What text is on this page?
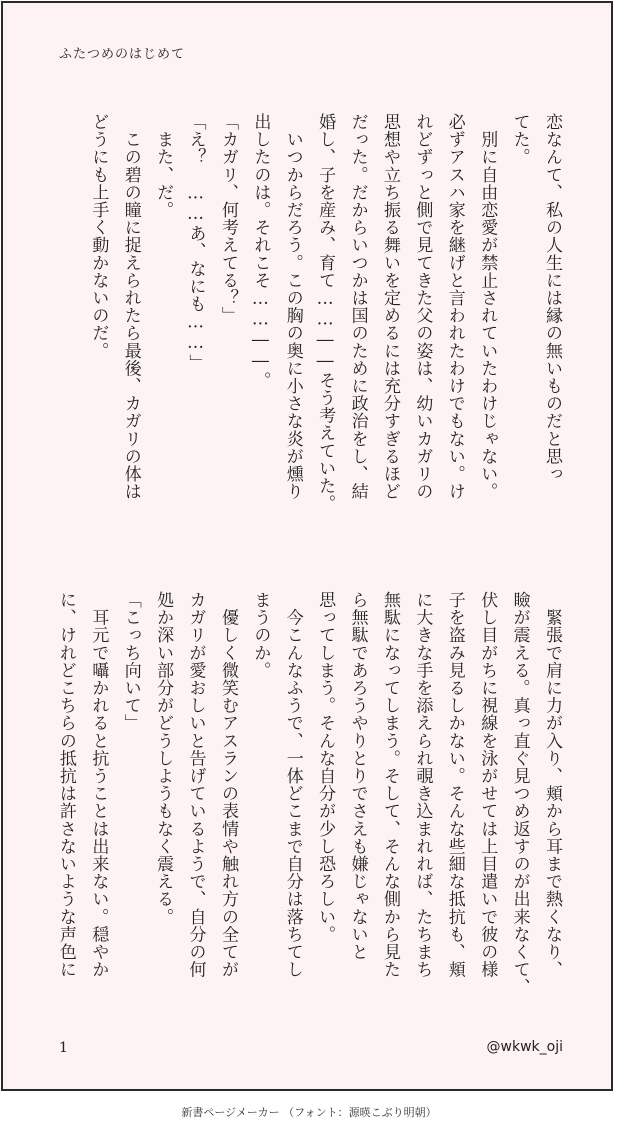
ふたつめのはじめて

恋なんて、私の人生には縁の無いものだと思っ

てた。

　別に自由恋愛が禁止されていたわけじゃない。

必ずアスハ家を継げと言われたわけでもない。け

れどずっと側で見てきた父の姿は、幼いカガリの

思想や立ち振る舞いを定めるには充分すぎるほど

だった。だからいつかは国のために政治をし、結

婚し、子を産み、育て……――そう考えていた。

　いつからだろう。この胸の奥に小さな炎が燻り

出したのは。それこそ……――。

「カガリ、何考えてる？」

「え？　……あ、なにも……」

　また、だ。

　この碧の瞳に捉えられたら最後、カガリの体は

どうにも上手く動かないのだ。

　緊張で肩に力が入り、頬から耳まで熱くなり、

瞼が震える。真っ直ぐ見つめ返すのが出来なくて、

伏し目がちに視線を泳がせては上目遣いで彼の様

子を盗み見るしかない。そんな些細な抵抗も、頬

に大きな手を添えられ覗き込まれれば、たちまち

無駄になってしまう。そして、そんな側から見た

ら無駄であろうやりとりでさえも嫌じゃないと

思ってしまう。そんな自分が少し恐ろしい。

　今こんなふうで、一体どこまで自分は落ちてし

まうのか。

　優しく微笑むアスランの表情や触れ方の全てが

カガリが愛おしいと告げているようで、自分の何

処か深い部分がどうしようもなく震える。

「こっち向いて」

　耳元で囁かれると抗うことは出来ない。穏やか

に、けれどこちらの抵抗は許さないような声色に

1	@wkwk_oji
新書ページメーカー （フォント：源暎こぶり明朝）
